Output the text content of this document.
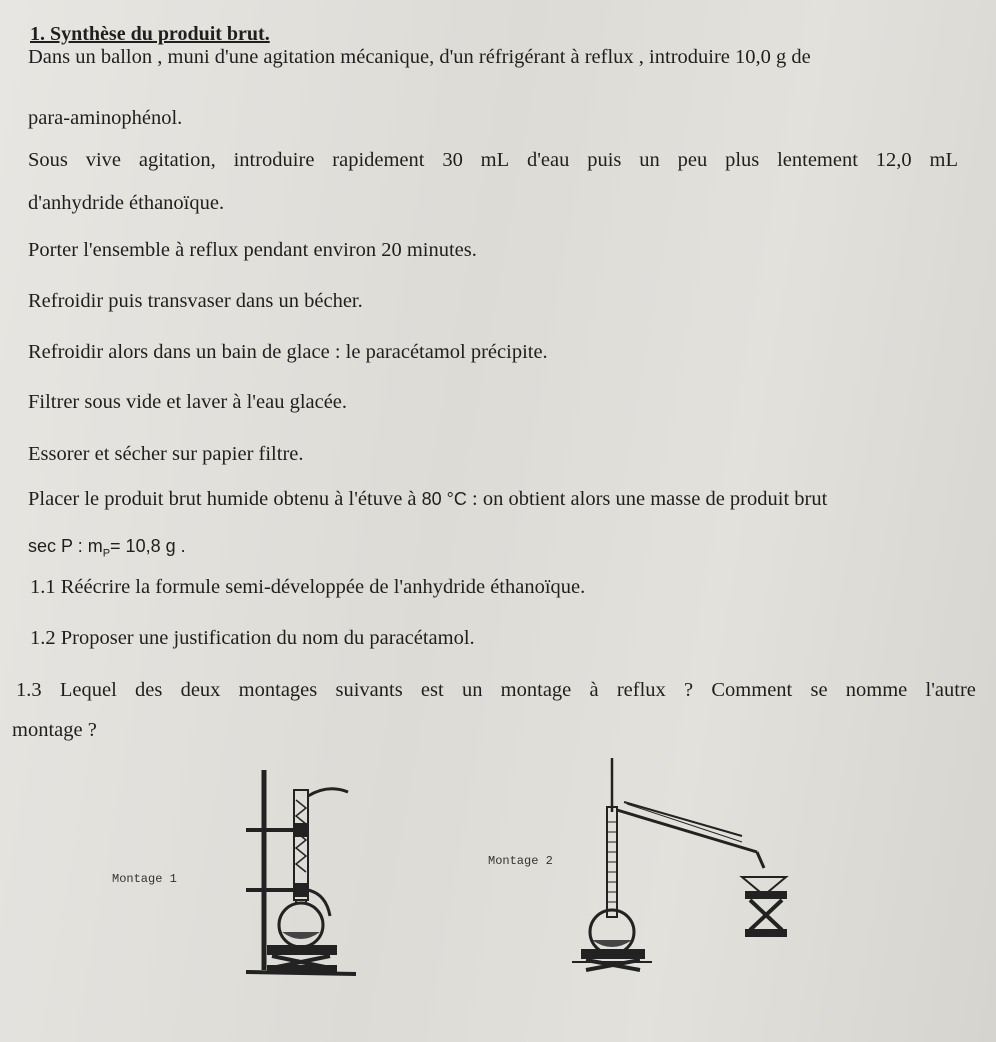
1. Synthèse du produit brut.
Dans un ballon , muni d'une agitation mécanique, d'un réfrigérant à reflux , introduire 10,0 g de
para-aminophénol.
Sous vive agitation, introduire rapidement 30 mL d'eau puis un peu plus lentement 12,0 mL
d'anhydride éthanoïque.
Porter l'ensemble à reflux pendant environ 20 minutes.
Refroidir puis transvaser dans un bécher.
Refroidir alors dans un bain de glace : le paracétamol précipite.
Filtrer sous vide et laver à l'eau glacée.
Essorer et sécher sur papier filtre.
Placer le produit brut humide obtenu à l'étuve à 80 °C : on obtient alors une masse de produit brut
sec P : $m_P= 10,8$ g .
1.1 Réécrire la formule semi-développée de l'anhydride éthanoïque.
1.2 Proposer une justification du nom du paracétamol.
1.3 Lequel des deux montages suivants est un montage à reflux ? Comment se nomme l'autre
montage ?
Montage 1
Montage 2
